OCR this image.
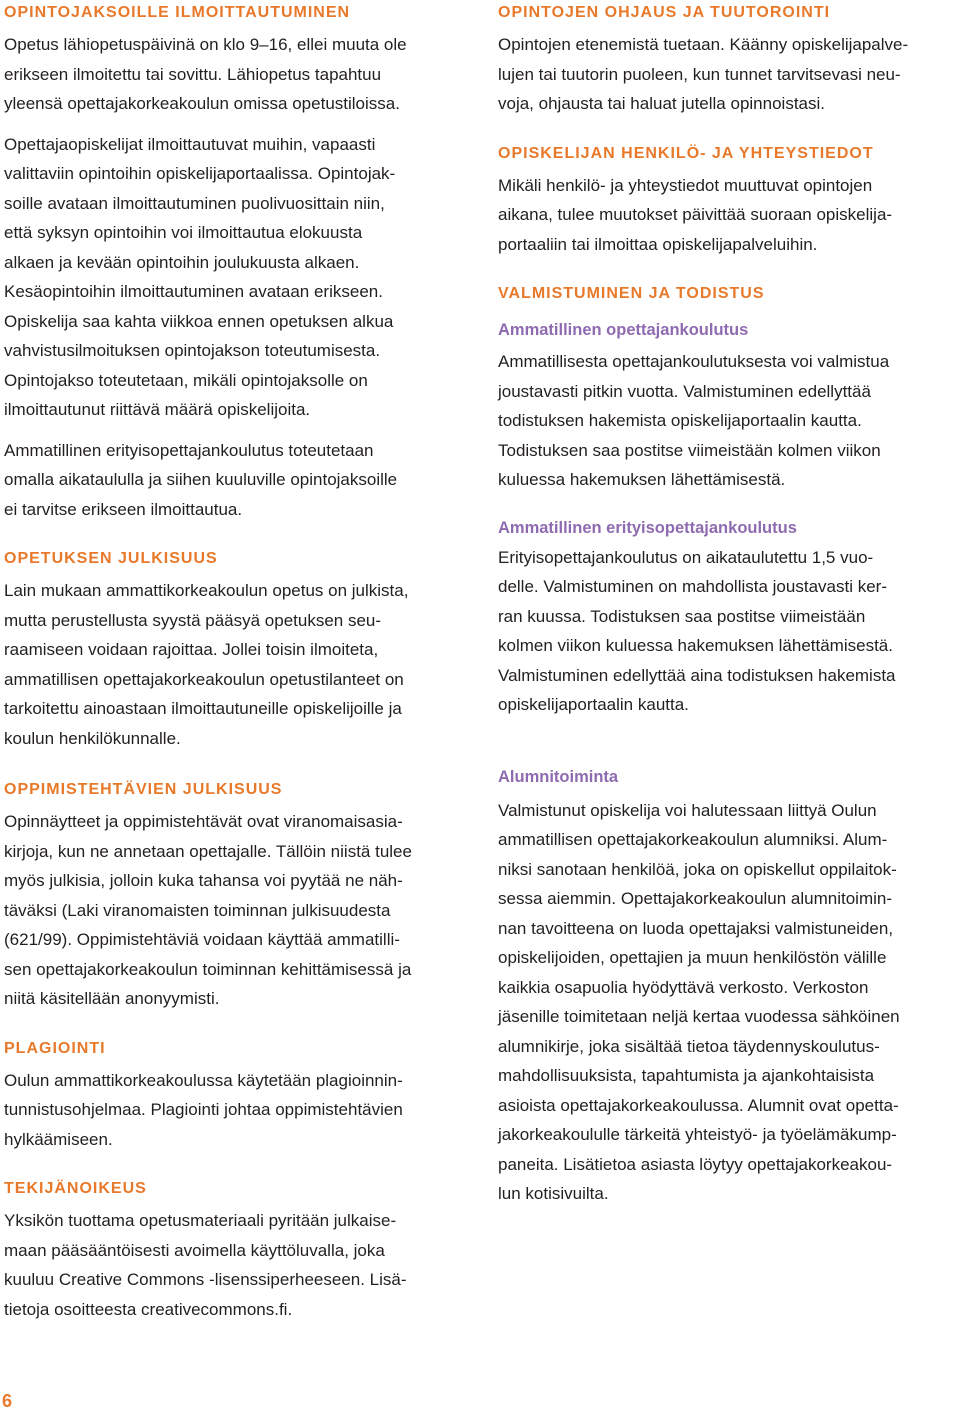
OPINTOJAKSOILLE ILMOITTAUTUMINEN

Opetus lähiopetuspäivinä on klo 9–16, ellei muuta ole
erikseen ilmoitettu tai sovittu. Lähiopetus tapahtuu
yleensä opettajakorkeakoulun omissa opetustiloissa.

Opettajaopiskelijat ilmoittautuvat muihin, vapaasti
valittaviin opintoihin opiskelijaportaalissa. Opintojak-
soille avataan ilmoittautuminen puolivuosittain niin,
että syksyn opintoihin voi ilmoittautua elokuusta
alkaen ja kevään opintoihin joulukuusta alkaen.
Kesäopintoihin ilmoittautuminen avataan erikseen.
Opiskelija saa kahta viikkoa ennen opetuksen alkua
vahvistusilmoituksen opintojakson toteutumisesta.
Opintojakso toteutetaan, mikäli opintojaksolle on
ilmoittautunut riittävä määrä opiskelijoita.

Ammatillinen erityisopettajankoulutus toteutetaan
omalla aikataululla ja siihen kuuluville opintojaksoille
ei tarvitse erikseen ilmoittautua.

OPETUKSEN JULKISUUS

Lain mukaan ammattikorkeakoulun opetus on julkista,
mutta perustellusta syystä pääsyä opetuksen seu-
raamiseen voidaan rajoittaa. Jollei toisin ilmoiteta,
ammatillisen opettajakorkeakoulun opetustilanteet on
tarkoitettu ainoastaan ilmoittautuneille opiskelijoille ja
koulun henkilökunnalle.

OPPIMISTEHTÄVIEN JULKISUUS

Opinnäytteet ja oppimistehtävät ovat viranomaisasia-
kirjoja, kun ne annetaan opettajalle. Tällöin niistä tulee
myös julkisia, jolloin kuka tahansa voi pyytää ne näh-
täväksi (Laki viranomaisten toiminnan julkisuudesta
(621/99). Oppimistehtäviä voidaan käyttää ammatilli-
sen opettajakorkeakoulun toiminnan kehittämisessä ja
niitä käsitellään anonyymisti.

PLAGIOINTI

Oulun ammattikorkeakoulussa käytetään plagioinnin-
tunnistusohjelmaa. Plagiointi johtaa oppimistehtävien
hylkäämiseen.

TEKIJÄNOIKEUS

Yksikön tuottama opetusmateriaali pyritään julkaise-
maan pääsääntöisesti avoimella käyttöluvalla, joka
kuuluu Creative Commons -lisenssiperheeseen. Lisä-
tietoja osoitteesta creativecommons.fi.

OPINTOJEN OHJAUS JA TUUTOROINTI

Opintojen etenemistä tuetaan. Käänny opiskelijapalve-
lujen tai tuutorin puoleen, kun tunnet tarvitsevasi neu-
voja, ohjausta tai haluat jutella opinnoistasi.

OPISKELIJAN HENKILÖ- JA YHTEYSTIEDOT

Mikäli henkilö- ja yhteystiedot muuttuvat opintojen
aikana, tulee muutokset päivittää suoraan opiskelija-
portaaliin tai ilmoittaa opiskelijapalveluihin.

VALMISTUMINEN JA TODISTUS
Ammatillinen opettajankoulutus

Ammatillisesta opettajankoulutuksesta voi valmistua
joustavasti pitkin vuotta. Valmistuminen edellyttää
todistuksen hakemista opiskelijaportaalin kautta.
Todistuksen saa postitse viimeistään kolmen viikon
kuluessa hakemuksen lähettämisestä.

Ammatillinen erityisopettajankoulutus

Erityisopettajankoulutus on aikataulutettu 1,5 vuo-
delle. Valmistuminen on mahdollista joustavasti ker-
ran kuussa. Todistuksen saa postitse viimeistään
kolmen viikon kuluessa hakemuksen lähettämisestä.
Valmistuminen edellyttää aina todistuksen hakemista
opiskelijaportaalin kautta.

Alumnitoiminta

Valmistunut opiskelija voi halutessaan liittyä Oulun
ammatillisen opettajakorkeakoulun alumniksi. Alum-
niksi sanotaan henkilöä, joka on opiskellut oppilaitok-
sessa aiemmin. Opettajakorkeakoulun alumnitoimin-
nan tavoitteena on luoda opettajaksi valmistuneiden,
opiskelijoiden, opettajien ja muun henkilöstön välille
kaikkia osapuolia hyödyttävä verkosto. Verkoston
jäsenille toimitetaan neljä kertaa vuodessa sähköinen
alumnikirje, joka sisältää tietoa täydennyskoulutus-
mahdollisuuksista, tapahtumista ja ajankohtaisista
asioista opettajakorkeakoulussa. Alumnit ovat opetta-
jakorkeakoululle tärkeitä yhteistyö- ja työelämäkump-
paneita. Lisätietoa asiasta löytyy opettajakorkeakou-
lun kotisivuilta.

6
